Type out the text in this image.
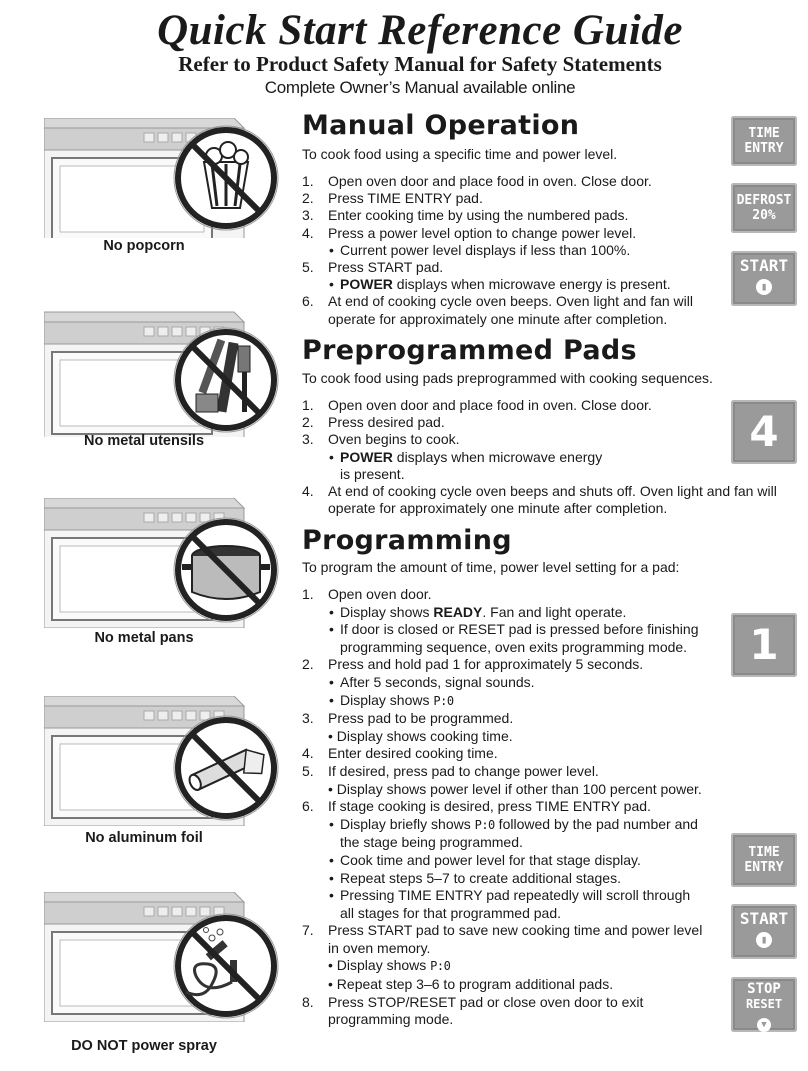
Quick Start Reference Guide
Refer to Product Safety Manual for Safety Statements
Complete Owner’s Manual available online
No popcorn
No metal utensils
No metal pans
No aluminum foil
DO NOT power spray
Manual Operation
To cook food using a specific time and power level.
1. Open oven door and place food in oven. Close door.
2. Press TIME ENTRY pad.
3. Enter cooking time by using the numbered pads.
4. Press a power level option to change power level.
• Current power level displays if less than 100%.
5. Press START pad.
• POWER displays when microwave energy is present.
6. At end of cooking cycle oven beeps. Oven light and fan will
operate for approximately one minute after completion.
Preprogrammed Pads
To cook food using pads preprogrammed with cooking sequences.
1. Open oven door and place food in oven. Close door.
2. Press desired pad.
3. Oven begins to cook.
• POWER displays when microwave energy
is present.
4. At end of cooking cycle oven beeps and shuts off. Oven light and fan will
operate for approximately one minute after completion.
Programming
To program the amount of time, power level setting for a pad:
1. Open oven door.
• Display shows READY. Fan and light operate.
• If door is closed or RESET pad is pressed before finishing
programming sequence, oven exits programming mode.
2. Press and hold pad 1 for approximately 5 seconds.
• After 5 seconds, signal sounds.
• Display shows P:0
3. Press pad to be programmed.
• Display shows cooking time.
4. Enter desired cooking time.
5. If desired, press pad to change power level.
• Display shows power level if other than 100 percent power.
6. If stage cooking is desired, press TIME ENTRY pad.
• Display briefly shows P:0 followed by the pad number and
the stage being programmed.
• Cook time and power level for that stage display.
• Repeat steps 5–7 to create additional stages.
• Pressing TIME ENTRY pad repeatedly will scroll through
all stages for that programmed pad.
7. Press START pad to save new cooking time and power level
in oven memory.
• Display shows P:0
• Repeat step 3–6 to program additional pads.
8. Press STOP/RESET pad or close oven door to exit
programming mode.
TIME
ENTRY
DEFROST
20%
START
▮
4
1
TIME
ENTRY
START
▮
STOP
RESET
▼
